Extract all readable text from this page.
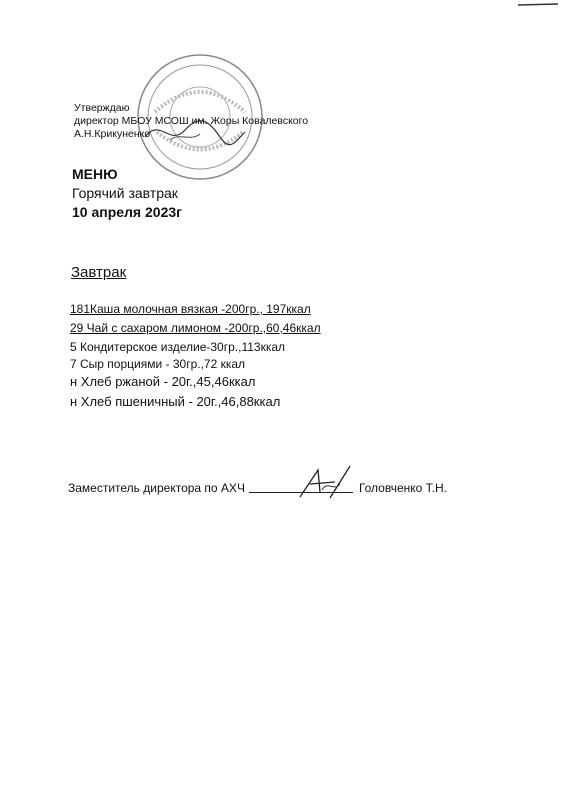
Утверждаю
директор МБОУ МСОШ им. Жоры Ковалевского
А.Н.Крикуненко
МЕНЮ
Горячий завтрак
10 апреля 2023г
Завтрак
181Каша молочная вязкая -200гр., 197ккал
29 Чай с сахаром лимоном -200гр.,60,46ккал
5 Кондитерское изделие-30гр.,113ккал
7 Сыр порциями - 30гр.,72 ккал
н Хлеб ржаной - 20г.,45,46ккал
н Хлеб пшеничный - 20г.,46,88ккал
Заместитель директора по АХЧ	Головченко Т.Н.
